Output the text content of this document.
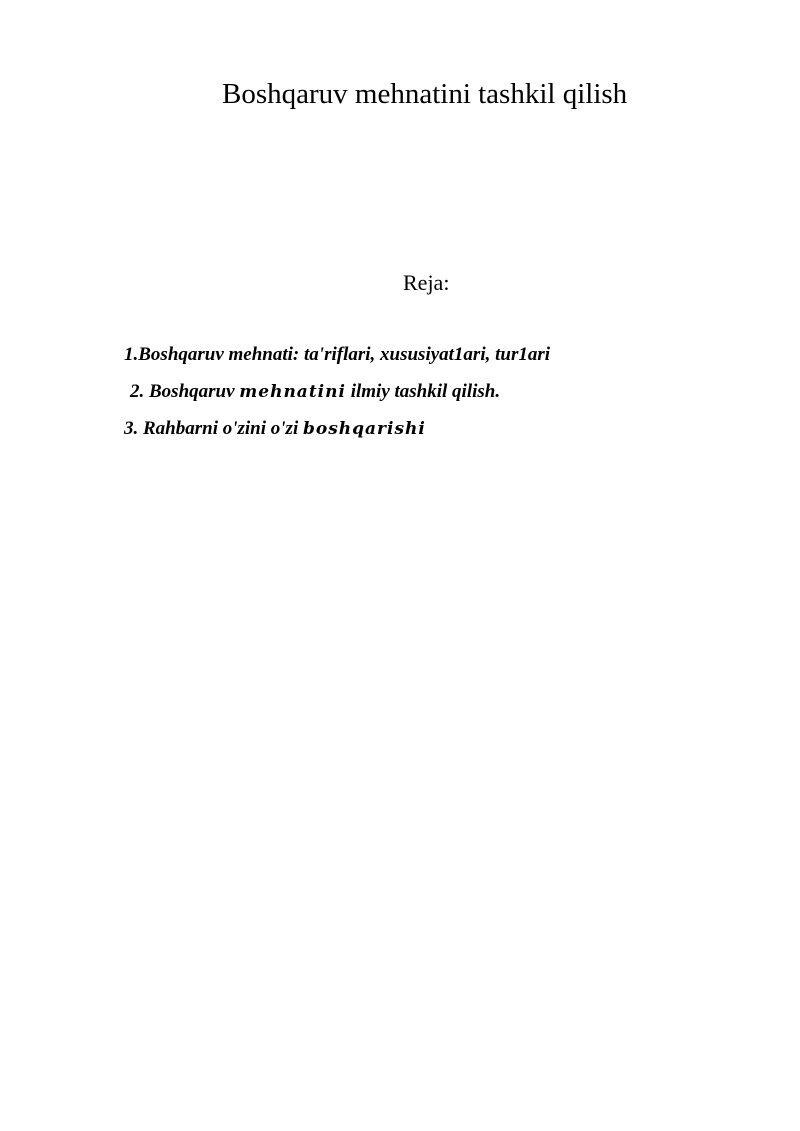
Boshqaruv mehnatini tashkil qilish
Reja:
1.Boshqaruv mehnati: ta'riflari, xususiyat1ari, tur1ari
2. Boshqaruv mehnatini ilmiy tashkil qilish.
3. Rahbarni o'zini o'zi boshqarishi
